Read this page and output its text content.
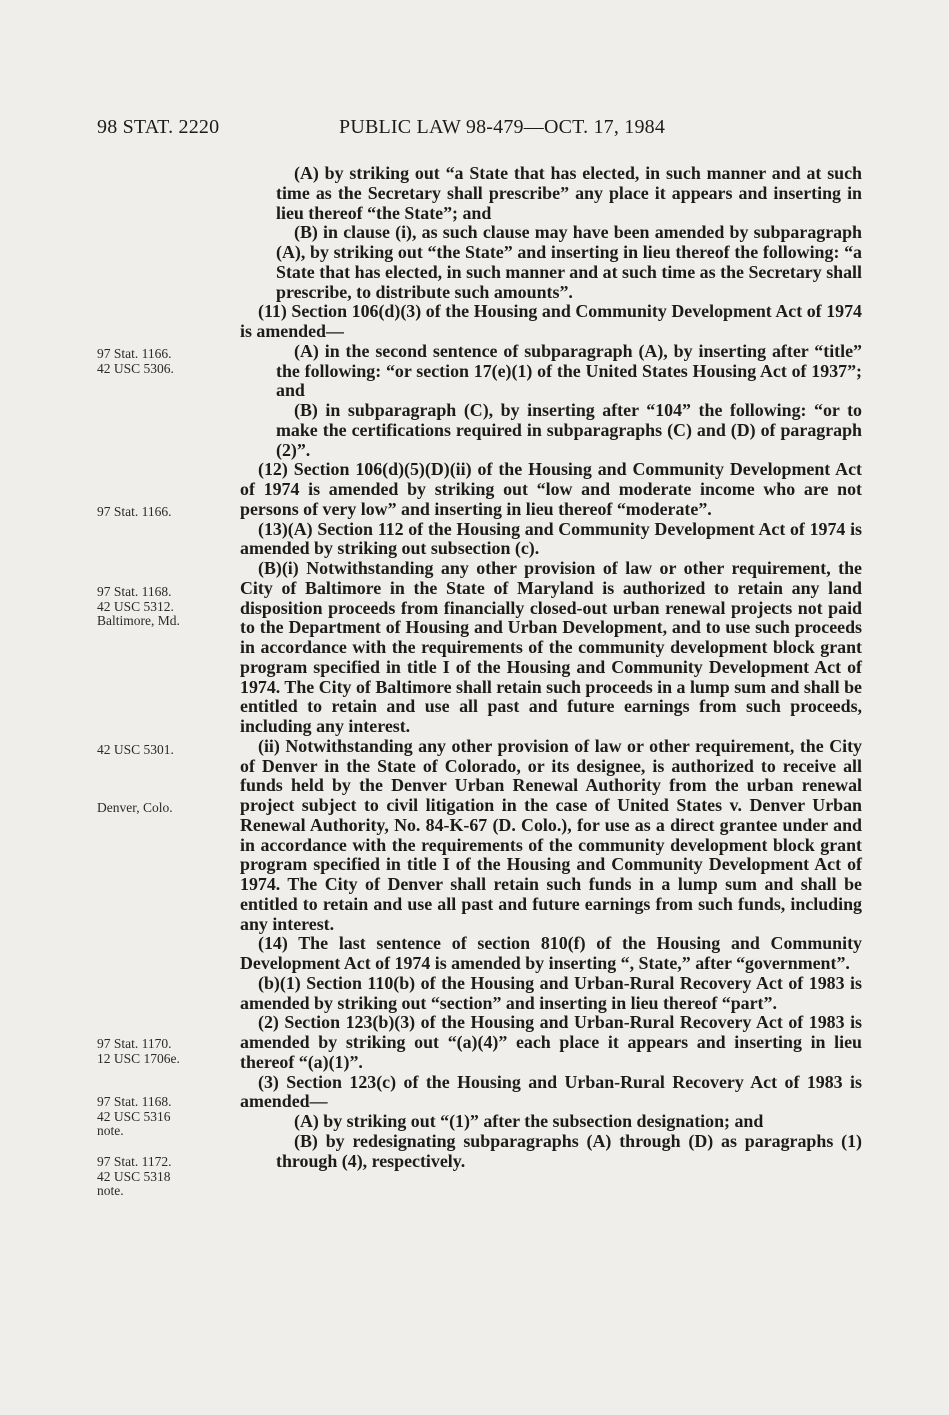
98 STAT. 2220	PUBLIC LAW 98-479—OCT. 17, 1984
97 Stat. 1166.
42 USC 5306.
97 Stat. 1166.
97 Stat. 1168.
42 USC 5312.
Baltimore, Md.
42 USC 5301.
Denver, Colo.
97 Stat. 1170.
12 USC 1706e.
97 Stat. 1168.
42 USC 5316
note.
97 Stat. 1172.
42 USC 5318
note.

(A) by striking out “a State that has elected, in such manner and at such time as the Secretary shall prescribe” any place it appears and inserting in lieu thereof “the State”; and

(B) in clause (i), as such clause may have been amended by subparagraph (A), by striking out “the State” and inserting in lieu thereof the following: “a State that has elected, in such manner and at such time as the Secretary shall prescribe, to distribute such amounts”.

(11) Section 106(d)(3) of the Housing and Community Development Act of 1974 is amended—

(A) in the second sentence of subparagraph (A), by inserting after “title” the following: “or section 17(e)(1) of the United States Housing Act of 1937”; and

(B) in subparagraph (C), by inserting after “104” the following: “or to make the certifications required in subparagraphs (C) and (D) of paragraph (2)”.

(12) Section 106(d)(5)(D)(ii) of the Housing and Community Development Act of 1974 is amended by striking out “low and moderate income who are not persons of very low” and inserting in lieu thereof “moderate”.

(13)(A) Section 112 of the Housing and Community Development Act of 1974 is amended by striking out subsection (c).

(B)(i) Notwithstanding any other provision of law or other requirement, the City of Baltimore in the State of Maryland is authorized to retain any land disposition proceeds from financially closed-out urban renewal projects not paid to the Department of Housing and Urban Development, and to use such proceeds in accordance with the requirements of the community development block grant program specified in title I of the Housing and Community Development Act of 1974. The City of Baltimore shall retain such proceeds in a lump sum and shall be entitled to retain and use all past and future earnings from such proceeds, including any interest.

(ii) Notwithstanding any other provision of law or other requirement, the City of Denver in the State of Colorado, or its designee, is authorized to receive all funds held by the Denver Urban Renewal Authority from the urban renewal project subject to civil litigation in the case of United States v. Denver Urban Renewal Authority, No. 84-K-67 (D. Colo.), for use as a direct grantee under and in accordance with the requirements of the community development block grant program specified in title I of the Housing and Community Development Act of 1974. The City of Denver shall retain such funds in a lump sum and shall be entitled to retain and use all past and future earnings from such funds, including any interest.

(14) The last sentence of section 810(f) of the Housing and Community Development Act of 1974 is amended by inserting “, State,” after “government”.

(b)(1) Section 110(b) of the Housing and Urban-Rural Recovery Act of 1983 is amended by striking out “section” and inserting in lieu thereof “part”.

(2) Section 123(b)(3) of the Housing and Urban-Rural Recovery Act of 1983 is amended by striking out “(a)(4)” each place it appears and inserting in lieu thereof “(a)(1)”.

(3) Section 123(c) of the Housing and Urban-Rural Recovery Act of 1983 is amended—

(A) by striking out “(1)” after the subsection designation; and

(B) by redesignating subparagraphs (A) through (D) as paragraphs (1) through (4), respectively.
